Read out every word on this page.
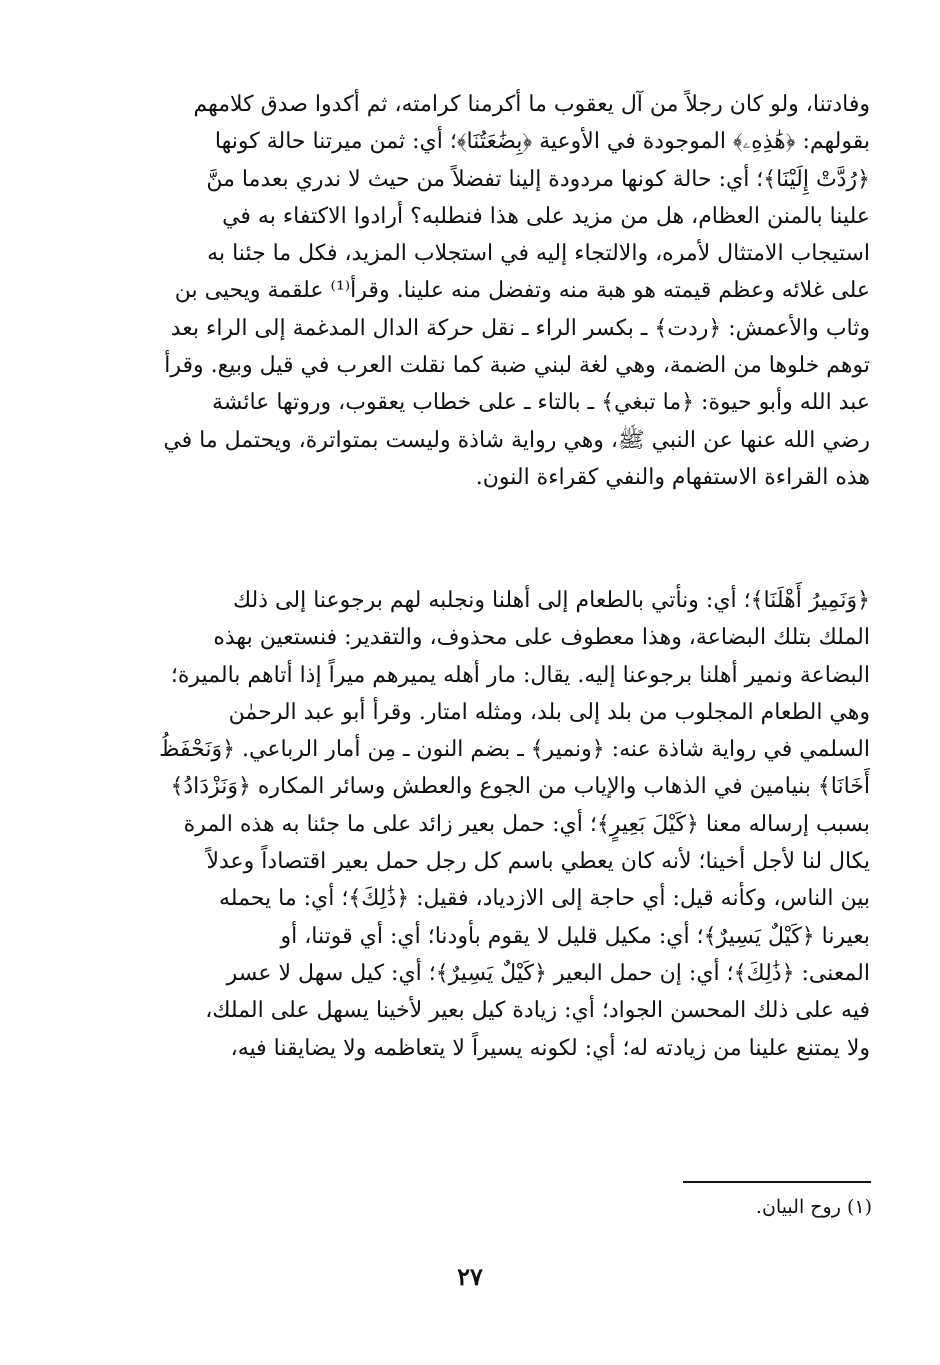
وفادتنا، ولو كان رجلاً من آل يعقوب ما أكرمنا كرامته، ثم أكدوا صدق كلامهم
بقولهم: ﴿هَٰذِهِۦ﴾ الموجودة في الأوعية ﴿بِضَٰعَتُنَا﴾؛ أي: ثمن ميرتنا حالة كونها
﴿رُدَّتْ إِلَيْنَا﴾؛ أي: حالة كونها مردودة إلينا تفضلاً من حيث لا ندري بعدما منَّ
علينا بالمنن العظام، هل من مزيد على هذا فنطلبه؟ أرادوا الاكتفاء به في
استيجاب الامتثال لأمره، والالتجاء إليه في استجلاب المزيد، فكل ما جئنا به
على غلائه وعظم قيمته هو هبة منه وتفضل منه علينا. وقرأ⁽¹⁾ علقمة ويحيى بن
وثاب والأعمش: ﴿ردت﴾ ـ بكسر الراء ـ نقل حركة الدال المدغمة إلى الراء بعد
توهم خلوها من الضمة، وهي لغة لبني ضبة كما نقلت العرب في قيل وبيع. وقرأ
عبد الله وأبو حيوة: ﴿ما تبغي﴾ ـ بالتاء ـ على خطاب يعقوب، وروتها عائشة
رضي الله عنها عن النبي ﷺ، وهي رواية شاذة وليست بمتواترة، ويحتمل ما في
هذه القراءة الاستفهام والنفي كقراءة النون.
﴿وَنَمِيرُ أَهْلَنَا﴾؛ أي: ونأتي بالطعام إلى أهلنا ونجلبه لهم برجوعنا إلى ذلك
الملك بتلك البضاعة، وهذا معطوف على محذوف، والتقدير: فنستعين بهذه
البضاعة ونمير أهلنا برجوعنا إليه. يقال: مار أهله يميرهم ميراً إذا أتاهم بالميرة؛
وهي الطعام المجلوب من بلد إلى بلد، ومثله امتار. وقرأ أبو عبد الرحمٰن
السلمي في رواية شاذة عنه: ﴿ونمير﴾ ـ بضم النون ـ مِن أمار الرباعي. ﴿وَنَحْفَظُ
أَخَانَا﴾ بنيامين في الذهاب والإياب من الجوع والعطش وسائر المكاره ﴿وَنَزْدَادُ﴾
بسبب إرساله معنا ﴿كَيْلَ بَعِيرٍ﴾؛ أي: حمل بعير زائد على ما جئنا به هذه المرة
يكال لنا لأجل أخينا؛ لأنه كان يعطي باسم كل رجل حمل بعير اقتصاداً وعدلاً
بين الناس، وكأنه قيل: أي حاجة إلى الازدياد، فقيل: ﴿ذَٰلِكَ﴾؛ أي: ما يحمله
بعيرنا ﴿كَيْلٌ يَسِيرٌ﴾؛ أي: مكيل قليل لا يقوم بأودنا؛ أي: أي قوتنا، أو
المعنى: ﴿ذَٰلِكَ﴾؛ أي: إن حمل البعير ﴿كَيْلٌ يَسِيرٌ﴾؛ أي: كيل سهل لا عسر
فيه على ذلك المحسن الجواد؛ أي: زيادة كيل بعير لأخينا يسهل على الملك،
ولا يمتنع علينا من زيادته له؛ أي: لكونه يسيراً لا يتعاظمه ولا يضايقنا فيه،
(١) روح البيان.
٢٧
